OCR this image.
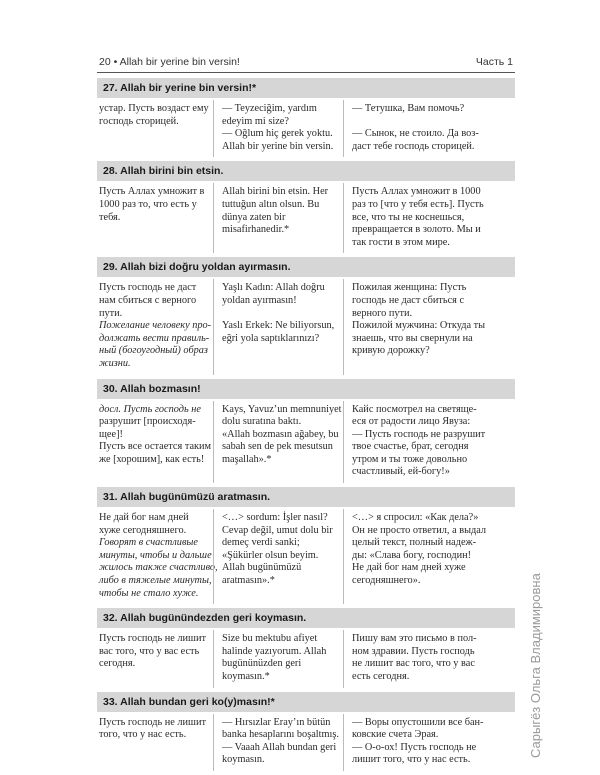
20 • Allah bir yerine bin versin!	Часть 1
27. Allah bir yerine bin versin!*
устар. Пусть воздаст ему
господь сторицей.
— Teyzeciğim, yardım
edeyim mi size?
— Oğlum hiç gerek yoktu.
Allah bir yerine bin versin.
— Тетушка, Вам помочь?

— Сынок, не стоило. Да воз-
даст тебе господь сторицей.
28. Allah birini bin etsin.
Пусть Аллах умножит в
1000 раз то, что есть у
тебя.
Allah birini bin etsin. Her
tuttuğun altın olsun. Bu
dünya zaten bir
misafirhanedir.*
Пусть Аллах умножит в 1000
раз то [что у тебя есть]. Пусть
все, что ты не коснешься,
превращается в золото. Мы и
так гости в этом мире.
29. Allah bizi doğru yoldan ayırmasın.
Пусть господь не даст
нам сбиться с верного
пути.
Пожелание человеку про-
должать вести правиль-
ный (богоугодный) образ
жизни.
Yaşlı Kadın: Allah doğru
yoldan ayırmasın!

Yaslı Erkek: Ne biliyorsun,
eğri yola saptıklarınızı?
Пожилая женщина: Пусть
господь не даст сбиться с
верного пути.
Пожилой мужчина: Откуда ты
знаешь, что вы свернули на
кривую дорожку?
30. Allah bozmasın!
досл. Пусть господь не
разрушит [происходя-
щее]!
Пусть все остается таким
же [хорошим], как есть!
Kays, Yavuz’un memnuniyet
dolu suratına baktı.
«Allah bozmasın ağabey, bu
sabah sen de pek mesutsun
maşallah».*
Кайс посмотрел на светяще-
еся от радости лицо Явуза:
— Пусть господь не разрушит
твое счастье, брат, сегодня
утром и ты тоже довольно
счастливый, ей-богу!»
31. Allah bugünümüzü aratmasın.
Не дай бог нам дней
хуже сегодняшнего.
Говорят в счастливые
минуты, чтобы и дальше
жилось также счастливо,
либо в тяжелые минуты,
чтобы не стало хуже.
<…> sordum: İşler nasıl?
Cevap değil, umut dolu bir
demeç verdi sanki;
«Şükürler olsun beyim.
Allah bugünümüzü
aratmasın».*
<…> я спросил: «Как дела?»
Он не просто ответил, а выдал
целый текст, полный надеж-
ды: «Слава богу, господин!
Не дай бог нам дней хуже
сегодняшнего».
32. Allah bugünündezden geri koymasın.
Пусть господь не лишит
вас того, что у вас есть
сегодня.
Size bu mektubu afiyet
halinde yazıyorum. Allah
bugününüzden geri
koymasın.*
Пишу вам это письмо в пол-
ном здравии. Пусть господь
не лишит вас того, что у вас
есть сегодня.
33. Allah bundan geri ko(y)masın!*
Пусть господь не лишит
того, что у нас есть.
— Hırsızlar Eray’ın bütün
banka hesaplarını boşaltmış.
— Vaaah Allah bundan geri
koymasın.
— Воры опустошили все бан-
ковские счета Эрая.
— О-о-ох! Пусть господь не
лишит того, что у нас есть.
Сарыгёз Ольга Владимировна
